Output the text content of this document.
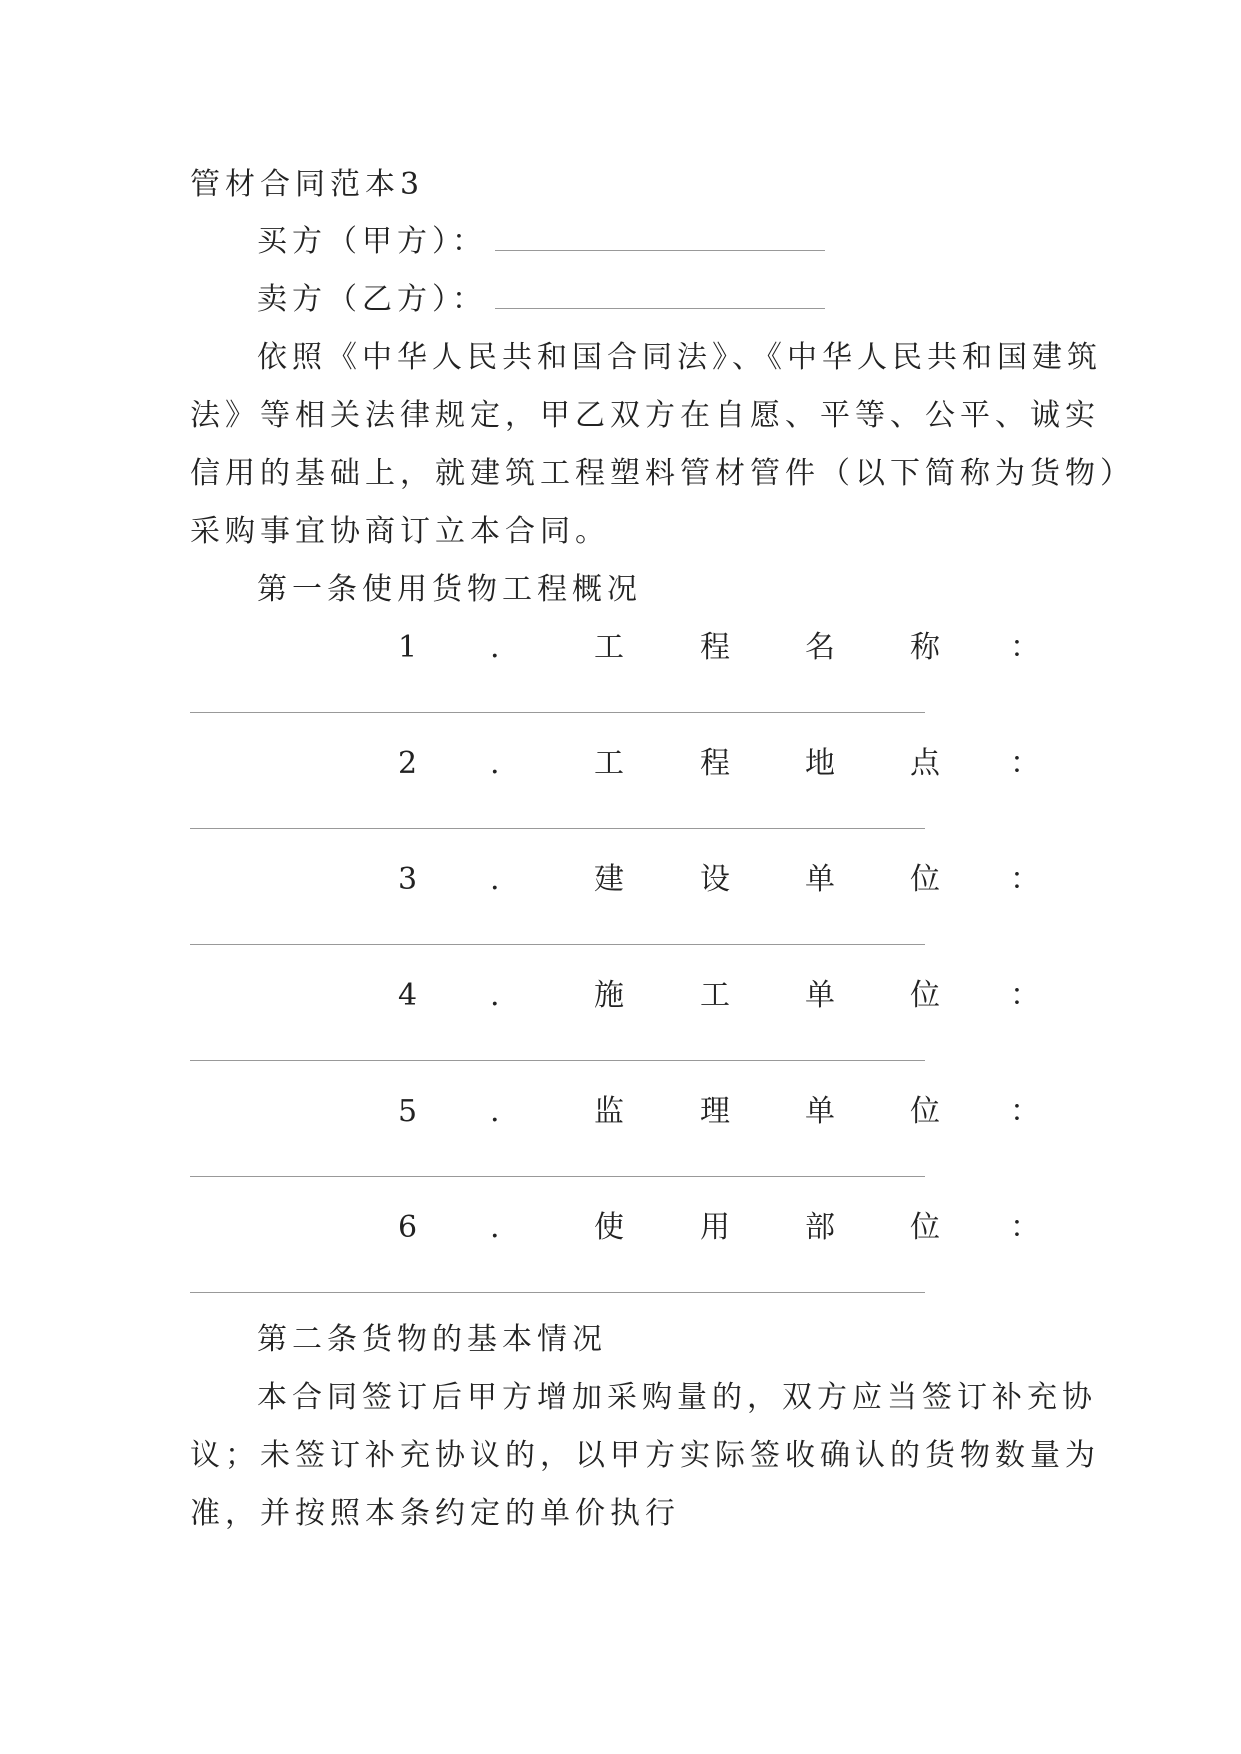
管材合同范本3
买方（甲方）：
卖方（乙方）：
依照《中华人民共和国合同法》、《中华人民共和国建筑
法》等相关法律规定，甲乙双方在自愿、平等、公平、诚实
信用的基础上，就建筑工程塑料管材管件（以下简称为货物）
采购事宜协商订立本合同。
第一条使用货物工程概况
1 .	工	程	名	称 ：
2 .	工	程	地	点 ：
3 .	建	设	单	位 ：
4 .	施	工	单	位 ：
5 .	监	理	单	位 ：
6 .	使	用	部	位 ：
第二条货物的基本情况
本合同签订后甲方增加采购量的，双方应当签订补充协
议；未签订补充协议的，以甲方实际签收确认的货物数量为
准，并按照本条约定的单价执行
